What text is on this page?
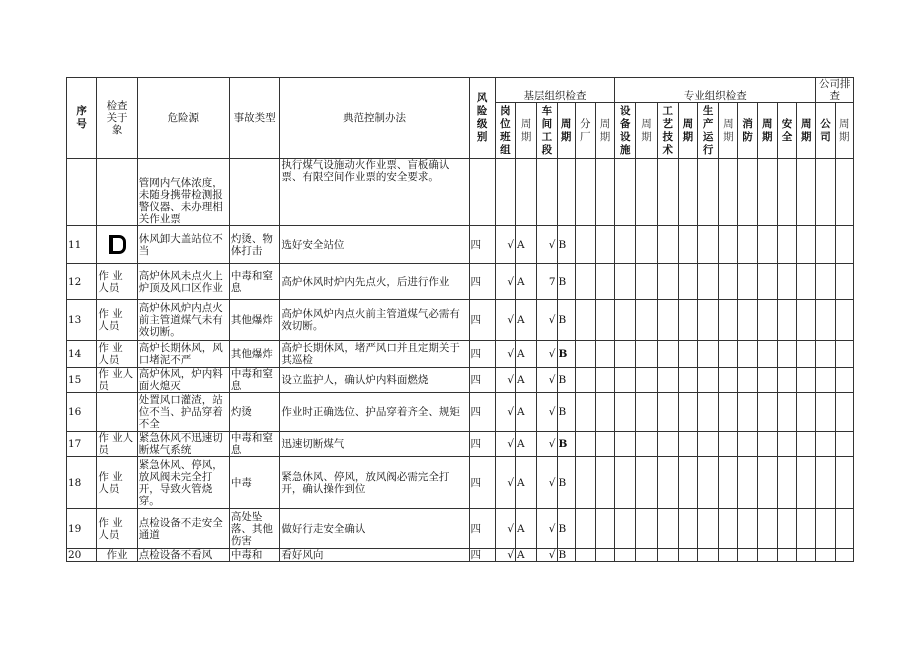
序号	检查关于象	危险源	事故类型	典范控制办法	风险级别	基层组织检查						专业组织检查										公司排查	
						岗位班组	周期	车间工段	周期	分厂	周期	设备设施	周期	工艺技术	周期	生产运行	周期	消防	周期	安全	周期	公司	周期
		管网内气体浓度，未随身携带检测报警仪器、未办理相关作业票		执行煤气设施动火作业票、盲板确认票、有限空间作业票的安全要求。																			
11		休风卸大盖站位不当	灼烫、物体打击	选好安全站位	四	√	A	√	B														
12	作 业 人员	高炉休风未点火上炉顶及风口区作业	中毒和窒息	高炉休风时炉内先点火，后进行作业	四	√	A	7	B														
13	作 业 人员	高炉休风炉内点火前主管道煤气未有效切断。	其他爆炸	高炉休风炉内点火前主管道煤气必需有效切断。	四	√	A	√	B														
14	作 业 人员	高炉长期休风，风口堵泥不严	其他爆炸	高炉长期休风，堵严风口并且定期关于其巡检	四	√	A	√	B														
15	作 业人员	高炉休风，炉内料面火熄灭	中毒和窒息	设立监护人，确认炉内料面燃烧	四	√	A	√	B														
16		处置风口灌渣，站位不当、护品穿着不全	灼烫	作业时正确选位、护品穿着齐全、规矩	四	√	A	√	B														
17	作 业人员	紧急休风不迅速切断煤气系统	中毒和窒息	迅速切断煤气	四	√	A	√	B														
18	作 业 人员	紧急休风、停风，放风阀未完全打开，导致火管烧穿。	中毒	紧急休风、停风，放风阀必需完全打开，确认操作到位	四	√	A	√	B														
19	作 业 人员	点检设备不走安全通道	高处坠落、其他伤害	做好行走安全确认	四	√	A	√	B														
20	作业	点检设备不看风	中毒和	看好风向	四	√	A	√	B														
